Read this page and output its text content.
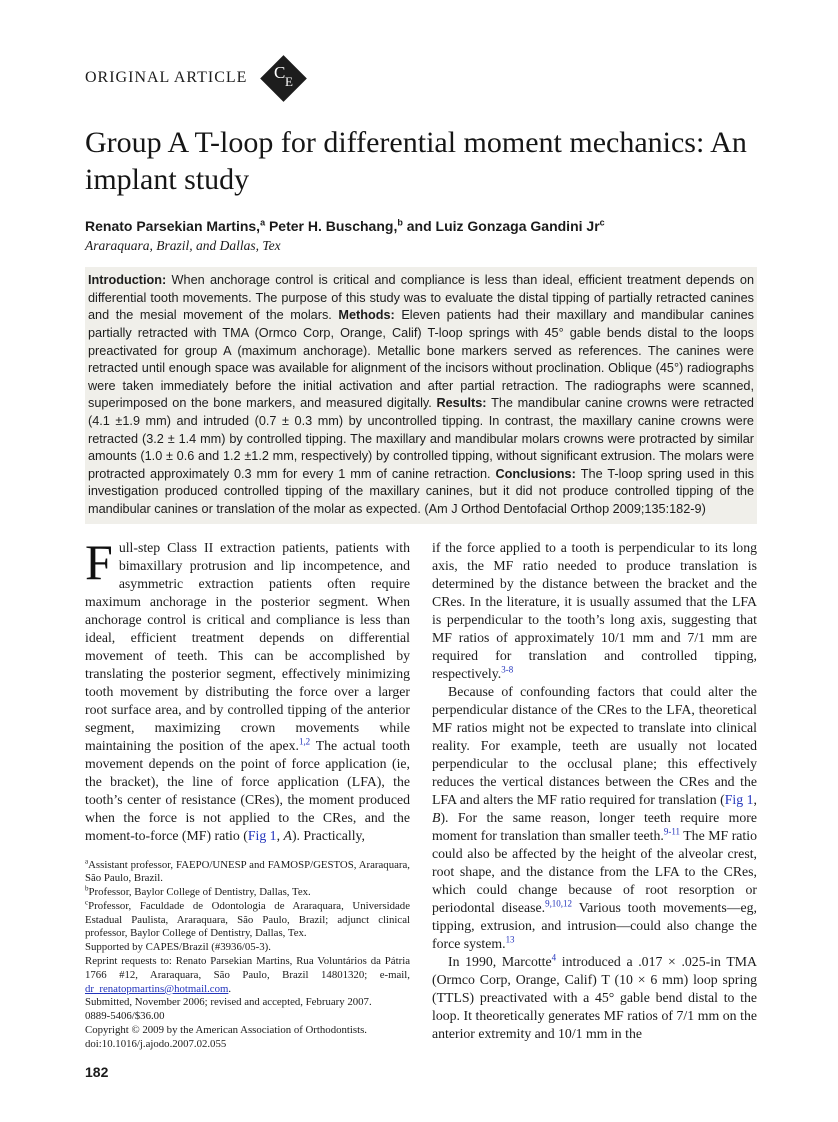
ORIGINAL ARTICLE C E
Group A T-loop for differential moment mechanics: An implant study

Renato Parsekian Martins,$^a$ Peter H. Buschang,$^b$ and Luiz Gonzaga Gandini Jr$^c$

Araraquara, Brazil, and Dallas, Tex

Introduction: When anchorage control is critical and compliance is less than ideal, efficient treatment depends on differential tooth movements. The purpose of this study was to evaluate the distal tipping of partially retracted canines and the mesial movement of the molars. Methods: Eleven patients had their maxillary and mandibular canines partially retracted with TMA (Ormco Corp, Orange, Calif) T-loop springs with 45° gable bends distal to the loops preactivated for group A (maximum anchorage). Metallic bone markers served as references. The canines were retracted until enough space was available for alignment of the incisors without proclination. Oblique (45°) radiographs were taken immediately before the initial activation and after partial retraction. The radiographs were scanned, superimposed on the bone markers, and measured digitally. Results: The mandibular canine crowns were retracted (4.1 ±1.9 mm) and intruded (0.7 ± 0.3 mm) by uncontrolled tipping. In contrast, the maxillary canine crowns were retracted (3.2 ± 1.4 mm) by controlled tipping. The maxillary and mandibular molars crowns were protracted by similar amounts (1.0 ± 0.6 and 1.2 ±1.2 mm, respectively) by controlled tipping, without significant extrusion. The molars were protracted approximately 0.3 mm for every 1 mm of canine retraction. Conclusions: The T-loop spring used in this investigation produced controlled tipping of the maxillary canines, but it did not produce controlled tipping of the mandibular canines or translation of the molar as expected. (Am J Orthod Dentofacial Orthop 2009;135:182-9)

Full-step Class II extraction patients, patients with bimaxillary protrusion and lip incompetence, and asymmetric extraction patients often require maximum anchorage in the posterior segment. When anchorage control is critical and compliance is less than ideal, efficient treatment depends on differential movement of teeth. This can be accomplished by translating the posterior segment, effectively minimizing tooth movement by distributing the force over a larger root surface area, and by controlled tipping of the anterior segment, maximizing crown movements while maintaining the position of the apex.$^{1,2}$ The actual tooth movement depends on the point of force application (ie, the bracket), the line of force application (LFA), the tooth’s center of resistance (CRes), the moment produced when the force is not applied to the CRes, and the moment-to-force (MF) ratio (Fig 1, A). Practically,

$^a$Assistant professor, FAEPO/UNESP and FAMOSP/GESTOS, Araraquara, São Paulo, Brazil.

$^b$Professor, Baylor College of Dentistry, Dallas, Tex.

$^c$Professor, Faculdade de Odontologia de Araraquara, Universidade Estadual Paulista, Araraquara, São Paulo, Brazil; adjunct clinical professor, Baylor College of Dentistry, Dallas, Tex.

Supported by CAPES/Brazil (#3936/05-3).

Reprint requests to: Renato Parsekian Martins, Rua Voluntários da Pátria 1766 #12, Araraquara, São Paulo, Brazil 14801320; e-mail, dr_renatopmartins@hotmail.com.

Submitted, November 2006; revised and accepted, February 2007.

0889-5406/$36.00

Copyright © 2009 by the American Association of Orthodontists.

doi:10.1016/j.ajodo.2007.02.055

if the force applied to a tooth is perpendicular to its long axis, the MF ratio needed to produce translation is determined by the distance between the bracket and the CRes. In the literature, it is usually assumed that the LFA is perpendicular to the tooth’s long axis, suggesting that MF ratios of approximately 10/1 mm and 7/1 mm are required for translation and controlled tipping, respectively.$^{3-8}$

Because of confounding factors that could alter the perpendicular distance of the CRes to the LFA, theoretical MF ratios might not be expected to translate into clinical reality. For example, teeth are usually not located perpendicular to the occlusal plane; this effectively reduces the vertical distances between the CRes and the LFA and alters the MF ratio required for translation (Fig 1, B). For the same reason, longer teeth require more moment for translation than smaller teeth.$^{9-11}$ The MF ratio could also be affected by the height of the alveolar crest, root shape, and the distance from the LFA to the CRes, which could change because of root resorption or periodontal disease.$^{9,10,12}$ Various tooth movements—eg, tipping, extrusion, and intrusion—could also change the force system.$^{13}$

In 1990, Marcotte$^4$ introduced a .017 × .025-in TMA (Ormco Corp, Orange, Calif) T (10 × 6 mm) loop spring (TTLS) preactivated with a 45° gable bend distal to the loop. It theoretically generates MF ratios of 7/1 mm on the anterior extremity and 10/1 mm in the

182
